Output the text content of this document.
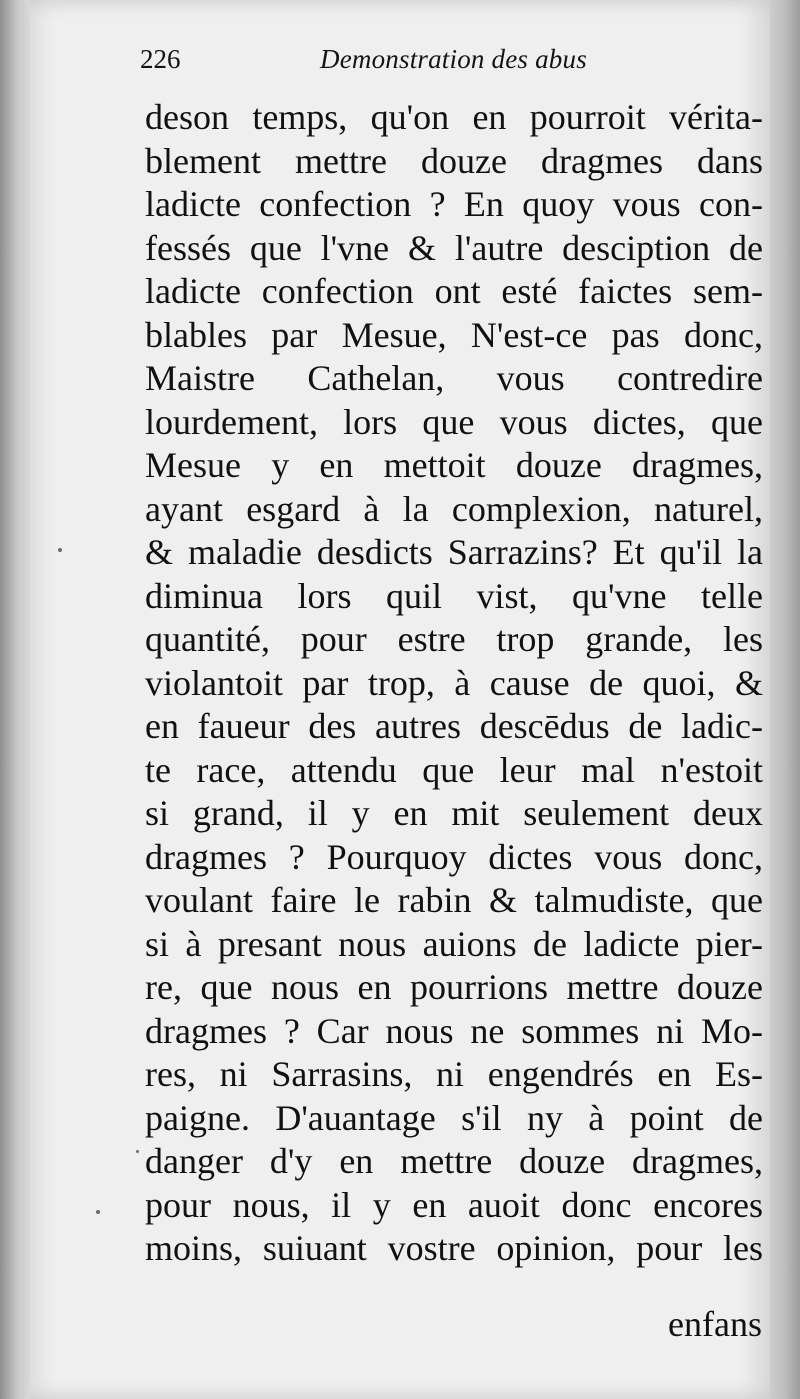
226	Demonstration des abus
deson temps, qu'on en pourroit vérita-
blement mettre douze dragmes dans
ladicte confection ? En quoy vous con-
fessés que l'vne & l'autre desciption de
ladicte confection ont esté faictes sem-
blables par Mesue, N'est-ce pas donc,
Maistre Cathelan, vous contredire
lourdement, lors que vous dictes, que
Mesue y en mettoit douze dragmes,
ayant esgard à la complexion, naturel,
& maladie desdicts Sarrazins? Et qu'il la
diminua lors quil vist, qu'vne telle
quantité, pour estre trop grande, les
violantoit par trop, à cause de quoi, &
en faueur des autres descēdus de ladic-
te race, attendu que leur mal n'estoit
si grand, il y en mit seulement deux
dragmes ? Pourquoy dictes vous donc,
voulant faire le rabin & talmudiste, que
si à presant nous auions de ladicte pier-
re, que nous en pourrions mettre douze
dragmes ? Car nous ne sommes ni Mo-
res, ni Sarrasins, ni engendrés en Es-
paigne. D'auantage s'il ny à point de
danger d'y en mettre douze dragmes,
pour nous, il y en auoit donc encores
moins, suiuant vostre opinion, pour les
enfans
